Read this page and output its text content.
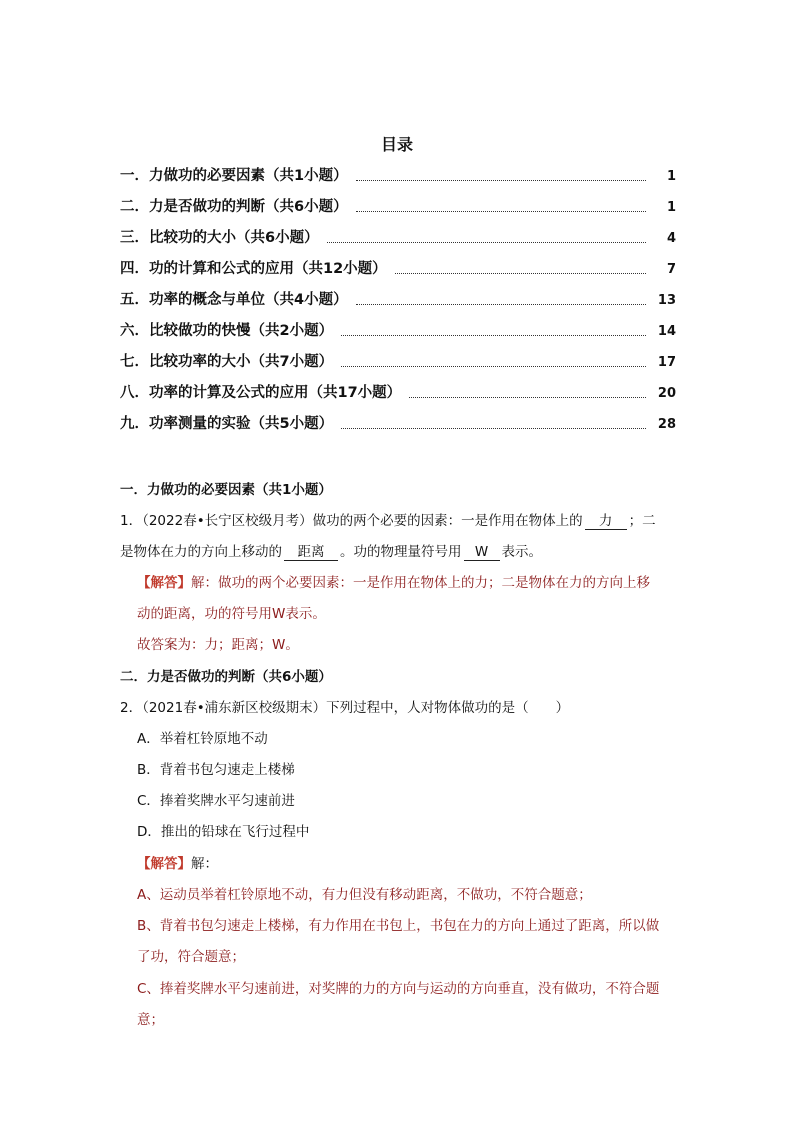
目录
一．力做功的必要因素（共1小题）	1
二．力是否做功的判断（共6小题）	1
三．比较功的大小（共6小题）	4
四．功的计算和公式的应用（共12小题）	7
五．功率的概念与单位（共4小题）	13
六．比较做功的快慢（共2小题）	14
七．比较功率的大小（共7小题）	17
八．功率的计算及公式的应用（共17小题）	20
九．功率测量的实验（共5小题）	28
一．力做功的必要因素（共1小题）
1．（2022春•长宁区校级月考）做功的两个必要的因素：一是作用在物体上的 力 ；二
是物体在力的方向上移动的 距离 。功的物理量符号用 W 表示。
【解答】解：做功的两个必要因素：一是作用在物体上的力；二是物体在力的方向上移
动的距离，功的符号用W表示。
故答案为：力；距离；W。
二．力是否做功的判断（共6小题）
2．（2021春•浦东新区校级期末）下列过程中，人对物体做功的是（　　）
A．举着杠铃原地不动
B．背着书包匀速走上楼梯
C．捧着奖牌水平匀速前进
D．推出的铅球在飞行过程中
【解答】解：
A、运动员举着杠铃原地不动，有力但没有移动距离，不做功，不符合题意；
B、背着书包匀速走上楼梯，有力作用在书包上，书包在力的方向上通过了距离，所以做
了功，符合题意；
C、捧着奖牌水平匀速前进，对奖牌的力的方向与运动的方向垂直，没有做功，不符合题
意；
